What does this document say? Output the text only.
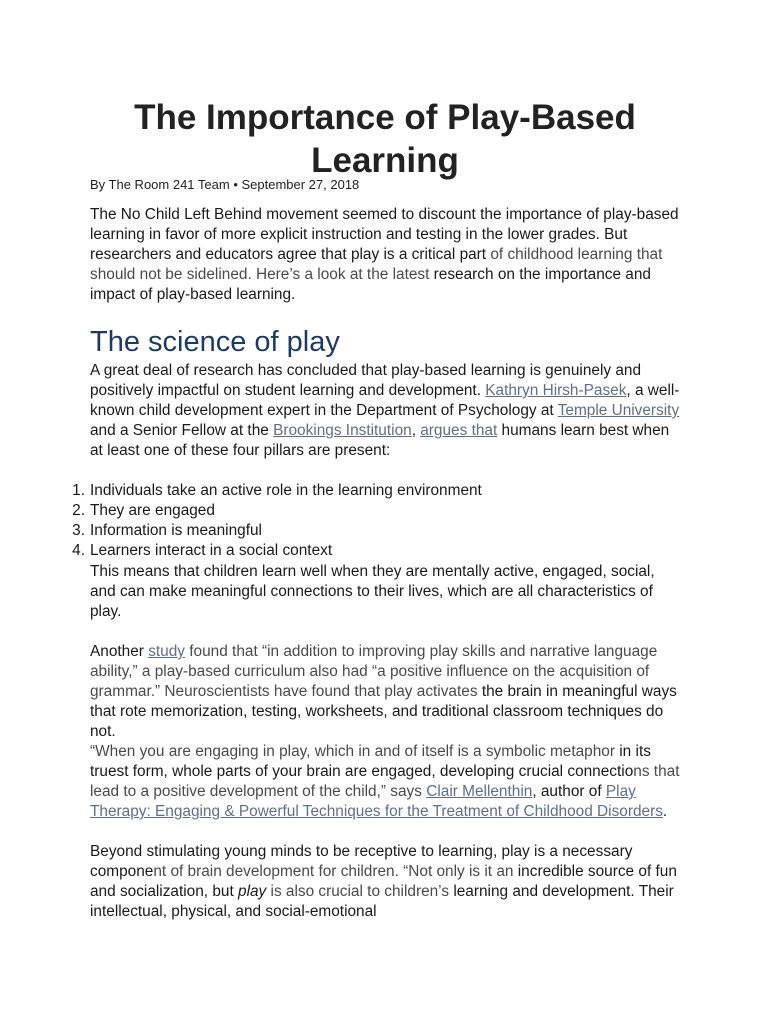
The Importance of Play-Based Learning
By The Room 241 Team • September 27, 2018

The No Child Left Behind movement seemed to discount the importance of play-based learning in favor of more explicit instruction and testing in the lower grades. But researchers and educators agree that play is a critical part of childhood learning that should not be sidelined. Here’s a look at the latest research on the importance and impact of play-based learning.

The science of play

A great deal of research has concluded that play-based learning is genuinely and positively impactful on student learning and development. Kathryn Hirsh-Pasek, a well-known child development expert in the Department of Psychology at Temple University and a Senior Fellow at the Brookings Institution, argues that humans learn best when at least one of these four pillars are present:

1. Individuals take an active role in the learning environment
2. They are engaged
3. Information is meaningful
4. Learners interact in a social context

This means that children learn well when they are mentally active, engaged, social, and can make meaningful connections to their lives, which are all characteristics of play.

Another study found that “in addition to improving play skills and narrative language ability,” a play-based curriculum also had “a positive influence on the acquisition of grammar.” Neuroscientists have found that play activates the brain in meaningful ways that rote memorization, testing, worksheets, and traditional classroom techniques do not.

“When you are engaging in play, which in and of itself is a symbolic metaphor in its truest form, whole parts of your brain are engaged, developing crucial connections that lead to a positive development of the child,” says Clair Mellenthin, author of Play Therapy: Engaging & Powerful Techniques for the Treatment of Childhood Disorders.

Beyond stimulating young minds to be receptive to learning, play is a necessary component of brain development for children. “Not only is it an incredible source of fun and socialization, but play is also crucial to children’s learning and development. Their intellectual, physical, and social-emotional
